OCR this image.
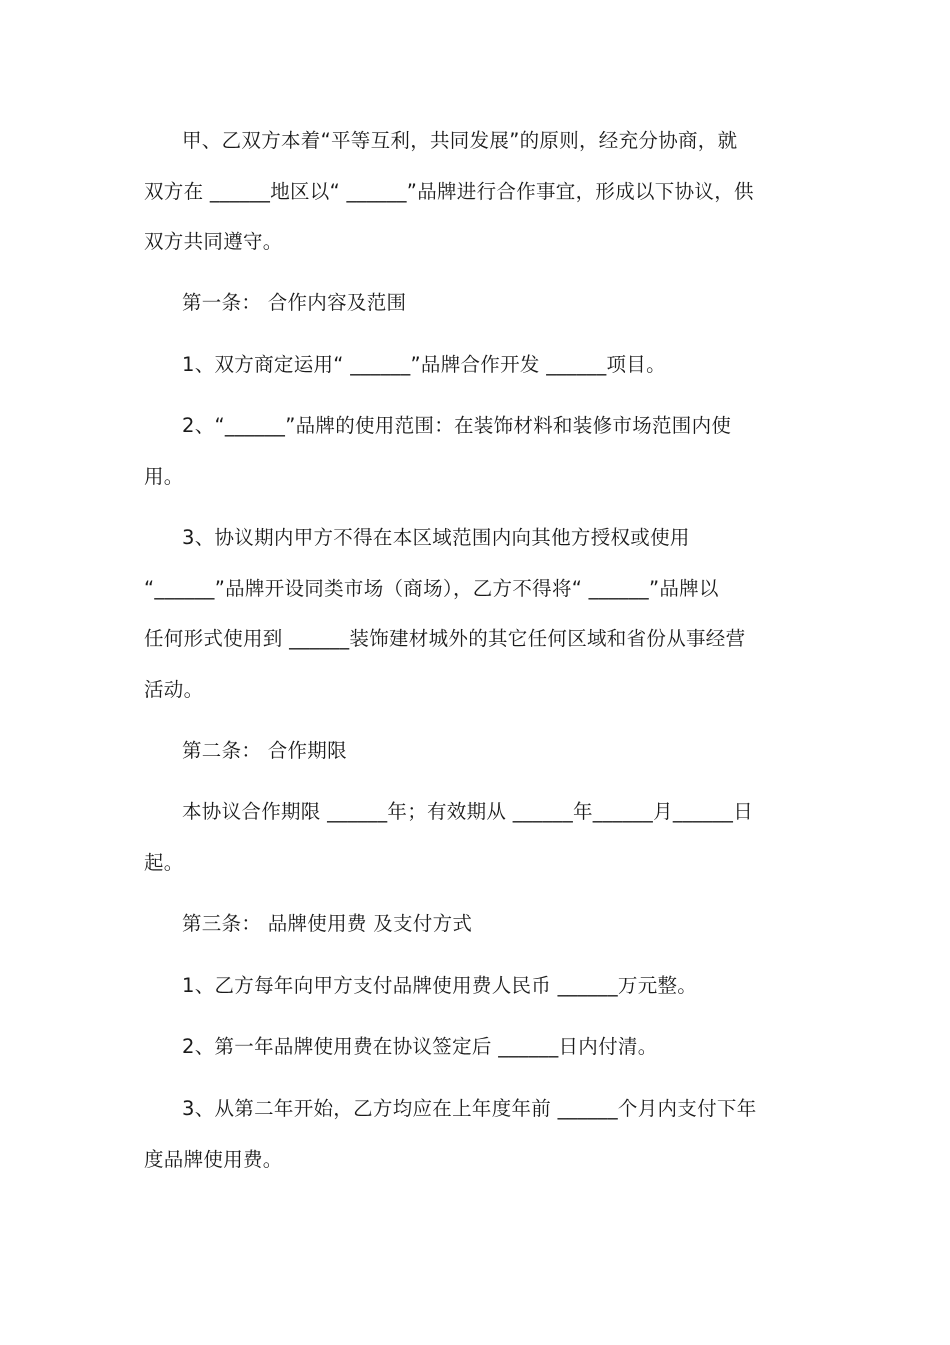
甲、乙双方本着“平等互利，共同发展”的原则，经充分协商，就
双方在 ______地区以“ ______”品牌进行合作事宜，形成以下协议，供
双方共同遵守。
第一条： 合作内容及范围
1、双方商定运用“ ______”品牌合作开发 ______项目。
2、“______”品牌的使用范围：在装饰材料和装修市场范围内使
用。
3、协议期内甲方不得在本区域范围内向其他方授权或使用
“______”品牌开设同类市场（商场），乙方不得将“ ______”品牌以
任何形式使用到 ______装饰建材城外的其它任何区域和省份从事经营
活动。
第二条： 合作期限
本协议合作期限 ______年；有效期从 ______年______月______日
起。
第三条： 品牌使用费 及支付方式
1、乙方每年向甲方支付品牌使用费人民币 ______万元整。
2、第一年品牌使用费在协议签定后 ______日内付清。
3、从第二年开始，乙方均应在上年度年前 ______个月内支付下年
度品牌使用费。
